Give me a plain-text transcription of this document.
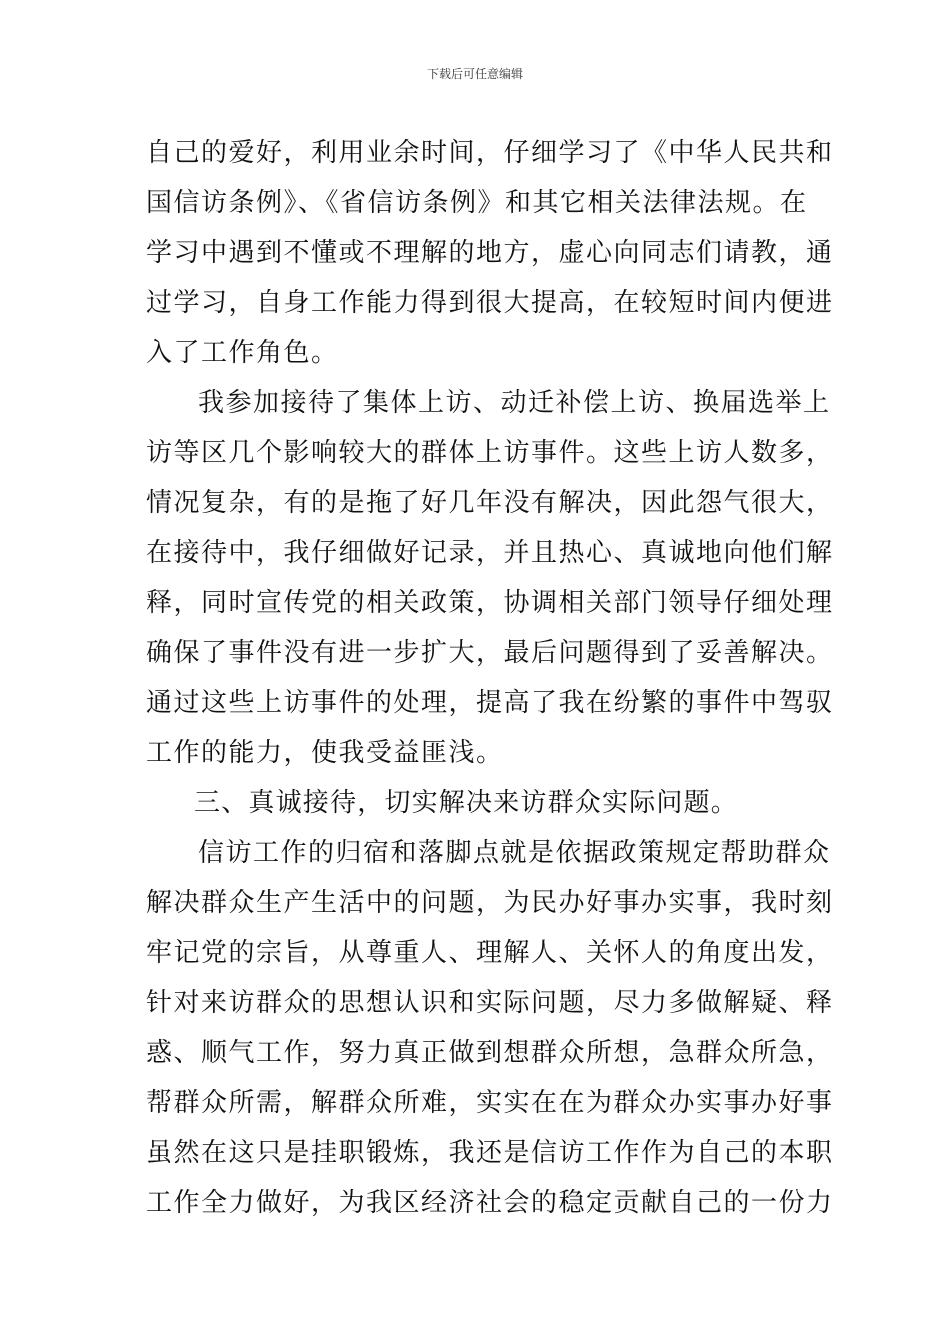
下载后可任意编辑
自己的爱好，利用业余时间，仔细学习了《中华人民共和
国信访条例》、《省信访条例》和其它相关法律法规。在
学习中遇到不懂或不理解的地方，虚心向同志们请教，通
过学习，自身工作能力得到很大提高，在较短时间内便进
入了工作角色。
我参加接待了集体上访、动迁补偿上访、换届选举上
访等区几个影响较大的群体上访事件。这些上访人数多，
情况复杂，有的是拖了好几年没有解决，因此怨气很大，
在接待中，我仔细做好记录，并且热心、真诚地向他们解
释，同时宣传党的相关政策，协调相关部门领导仔细处理
确保了事件没有进一步扩大，最后问题得到了妥善解决。
通过这些上访事件的处理，提高了我在纷繁的事件中驾驭
工作的能力，使我受益匪浅。
三、真诚接待，切实解决来访群众实际问题。
信访工作的归宿和落脚点就是依据政策规定帮助群众
解决群众生产生活中的问题，为民办好事办实事，我时刻
牢记党的宗旨，从尊重人、理解人、关怀人的角度出发，
针对来访群众的思想认识和实际问题，尽力多做解疑、释
惑、顺气工作，努力真正做到想群众所想，急群众所急，
帮群众所需，解群众所难，实实在在为群众办实事办好事
虽然在这只是挂职锻炼，我还是信访工作作为自己的本职
工作全力做好，为我区经济社会的稳定贡献自己的一份力
